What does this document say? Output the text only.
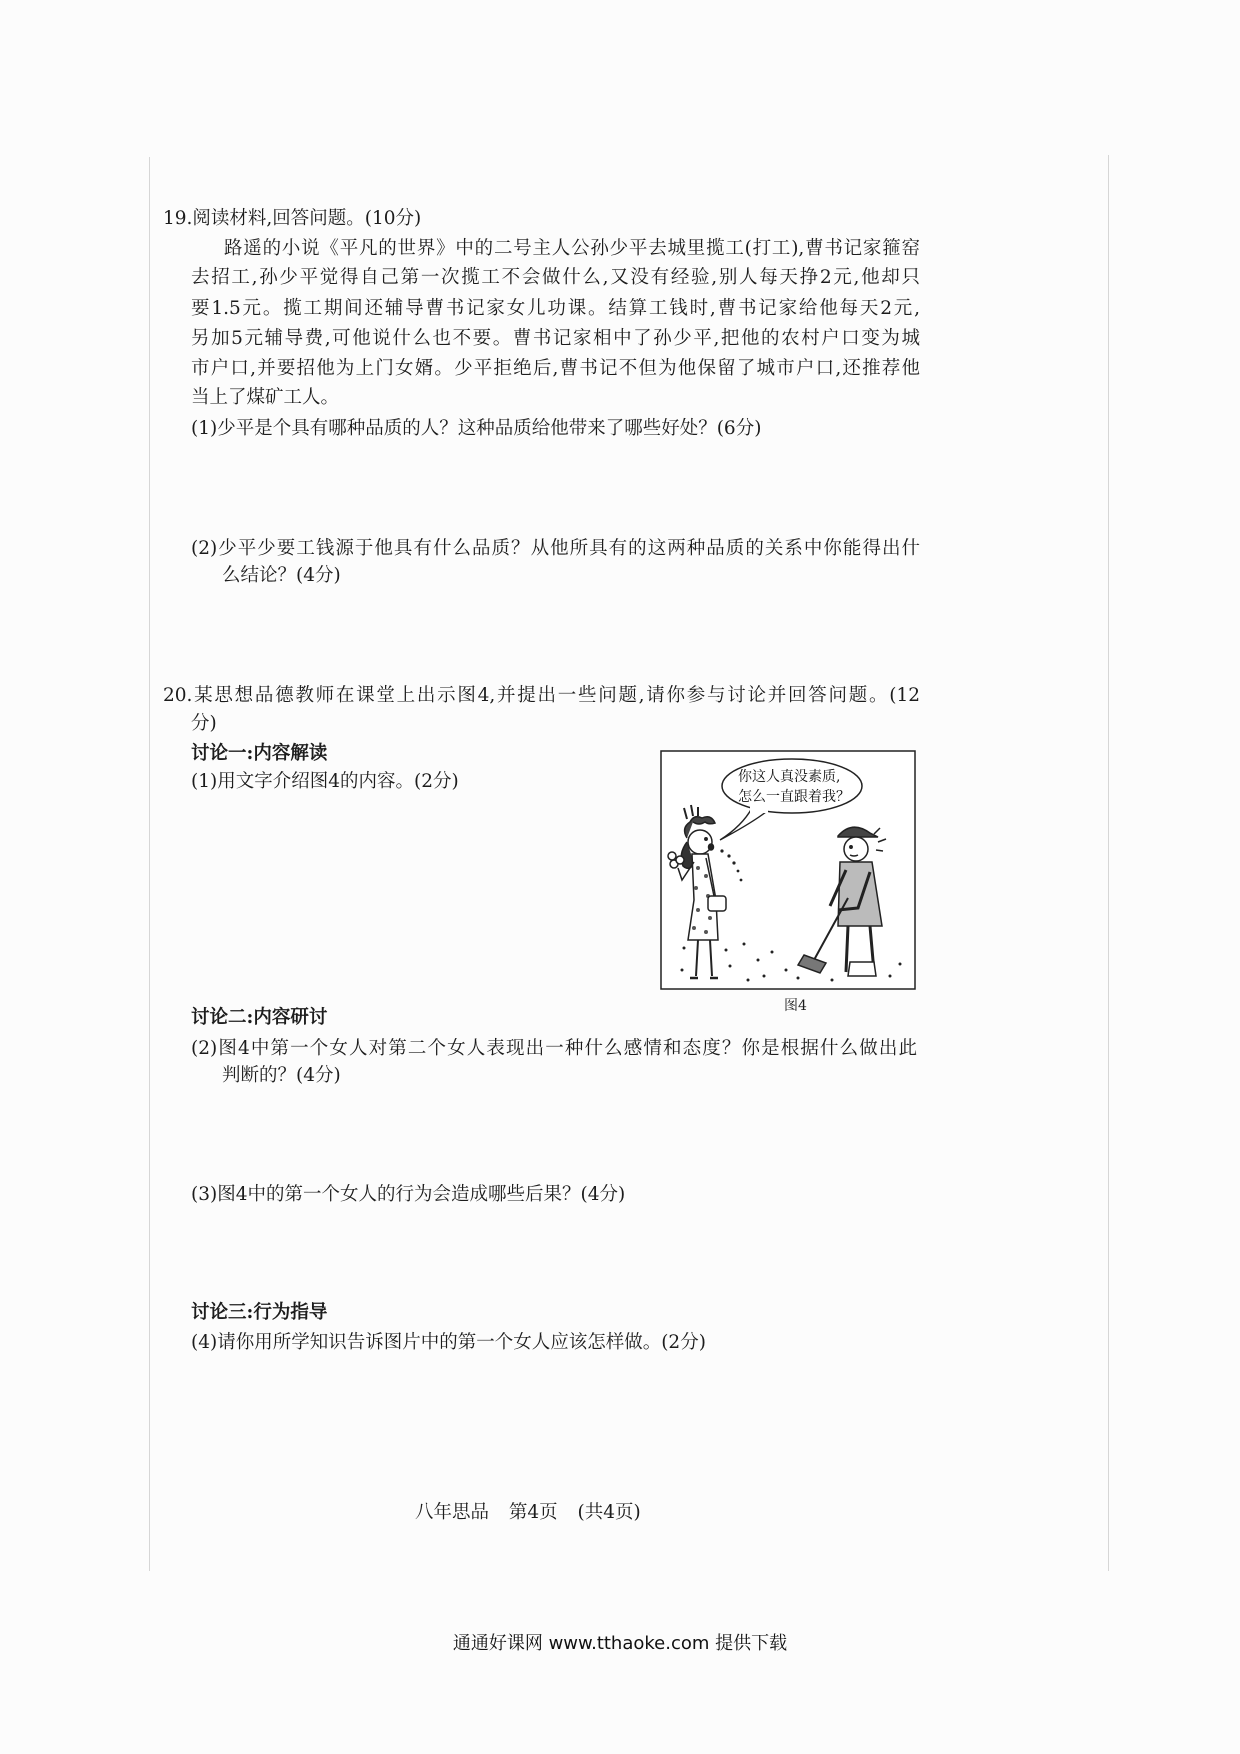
19.阅读材料,回答问题。(10分)
路遥的小说《平凡的世界》中的二号主人公孙少平去城里揽工(打工),曹书记家箍窑
去招工,孙少平觉得自己第一次揽工不会做什么,又没有经验,别人每天挣2元,他却只
要1.5元。揽工期间还辅导曹书记家女儿功课。结算工钱时,曹书记家给他每天2元,
另加5元辅导费,可他说什么也不要。曹书记家相中了孙少平,把他的农村户口变为城
市户口,并要招他为上门女婿。少平拒绝后,曹书记不但为他保留了城市户口,还推荐他
当上了煤矿工人。
(1)少平是个具有哪种品质的人？这种品质给他带来了哪些好处？(6分)
(2)少平少要工钱源于他具有什么品质？从他所具有的这两种品质的关系中你能得出什
么结论？(4分)
20.某思想品德教师在课堂上出示图4,并提出一些问题,请你参与讨论并回答问题。(12
分)
讨论一:内容解读
(1)用文字介绍图4的内容。(2分)	你这人真没素质,
怎么一直跟着我？
图4
讨论二:内容研讨
(2)图4中第一个女人对第二个女人表现出一种什么感情和态度？你是根据什么做出此
判断的？(4分)
(3)图4中的第一个女人的行为会造成哪些后果？(4分)
讨论三:行为指导
(4)请你用所学知识告诉图片中的第一个女人应该怎样做。(2分)
八年思品 第4页 (共4页)
通通好课网 www.tthaoke.com 提供下载
